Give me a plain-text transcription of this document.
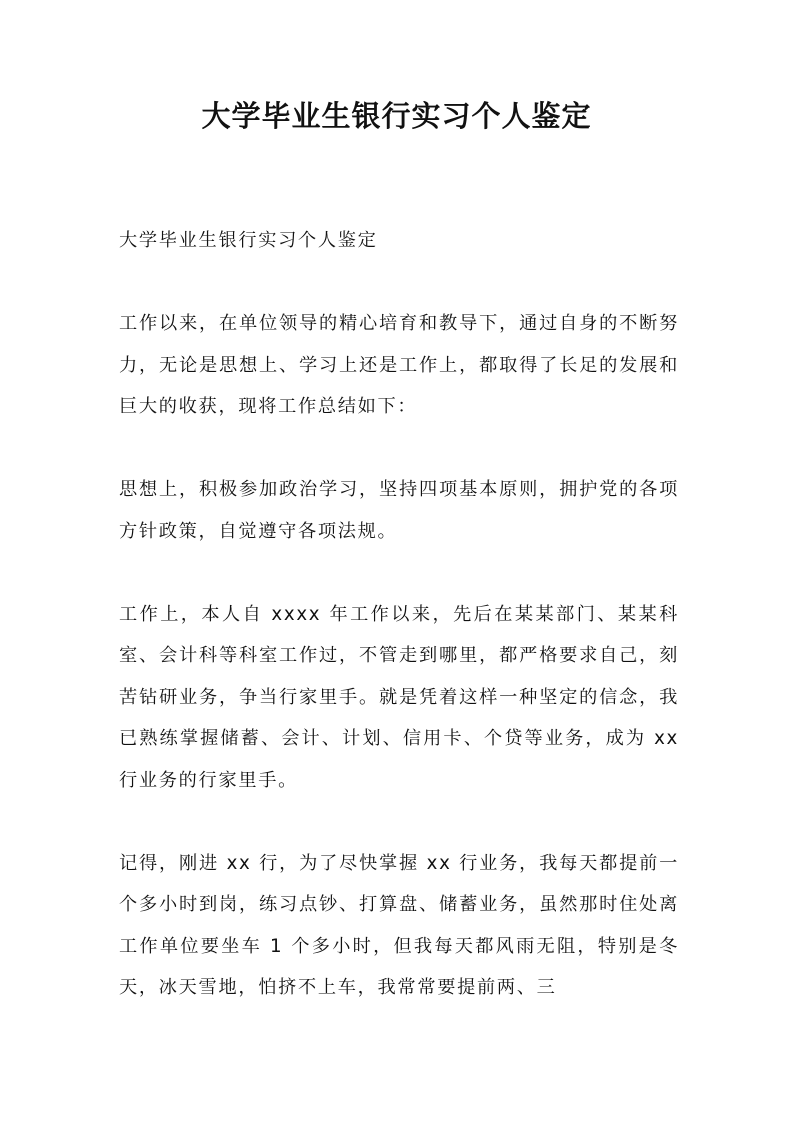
大学毕业生银行实习个人鉴定

大学毕业生银行实习个人鉴定

工作以来，在单位领导的精心培育和教导下，通过自身的不断努力，无论是思想上、学习上还是工作上，都取得了长足的发展和巨大的收获，现将工作总结如下：

思想上，积极参加政治学习，坚持四项基本原则，拥护党的各项方针政策，自觉遵守各项法规。

工作上，本人自 xxxx 年工作以来，先后在某某部门、某某科室、会计科等科室工作过，不管走到哪里，都严格要求自己，刻苦钻研业务，争当行家里手。就是凭着这样一种坚定的信念，我已熟练掌握储蓄、会计、计划、信用卡、个贷等业务，成为 xx 行业务的行家里手。

记得，刚进 xx 行，为了尽快掌握 xx 行业务，我每天都提前一个多小时到岗，练习点钞、打算盘、储蓄业务，虽然那时住处离工作单位要坐车 1 个多小时，但我每天都风雨无阻，特别是冬天，冰天雪地，怕挤不上车，我常常要提前两、三
